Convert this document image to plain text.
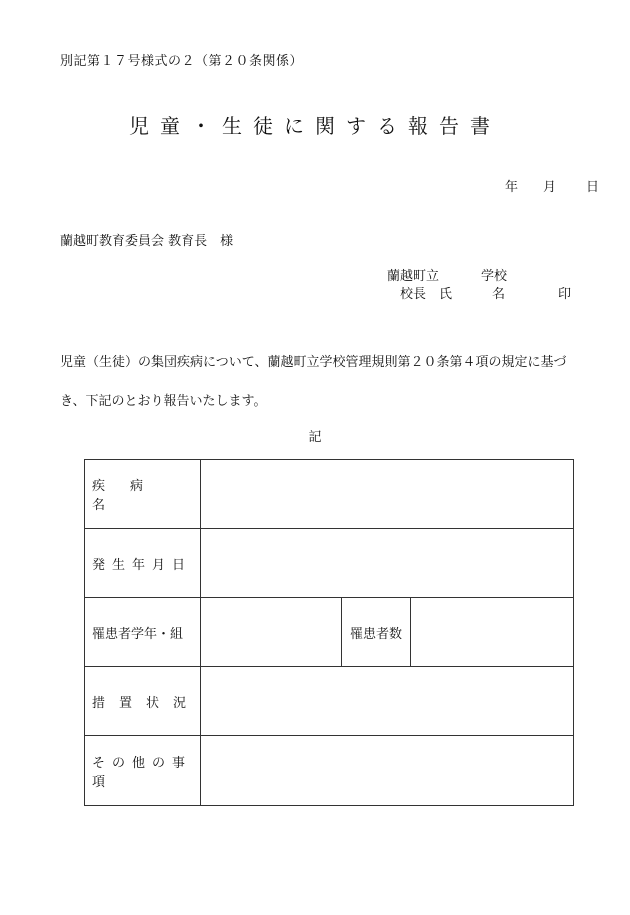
別記第１７号様式の２（第２０条関係）
児童・生徒に関する報告書
年 月 日
蘭越町教育委員会 教育長　様
蘭越町立	学校
校長　氏	名	印
児童（生徒）の集団疾病について、蘭越町立学校管理規則第２０条第４項の規定に基づ
き、下記のとおり報告いたします。
記
疾病名
発生年月日
罹患者学年・組	罹患者数
措置状況
その他の事項
